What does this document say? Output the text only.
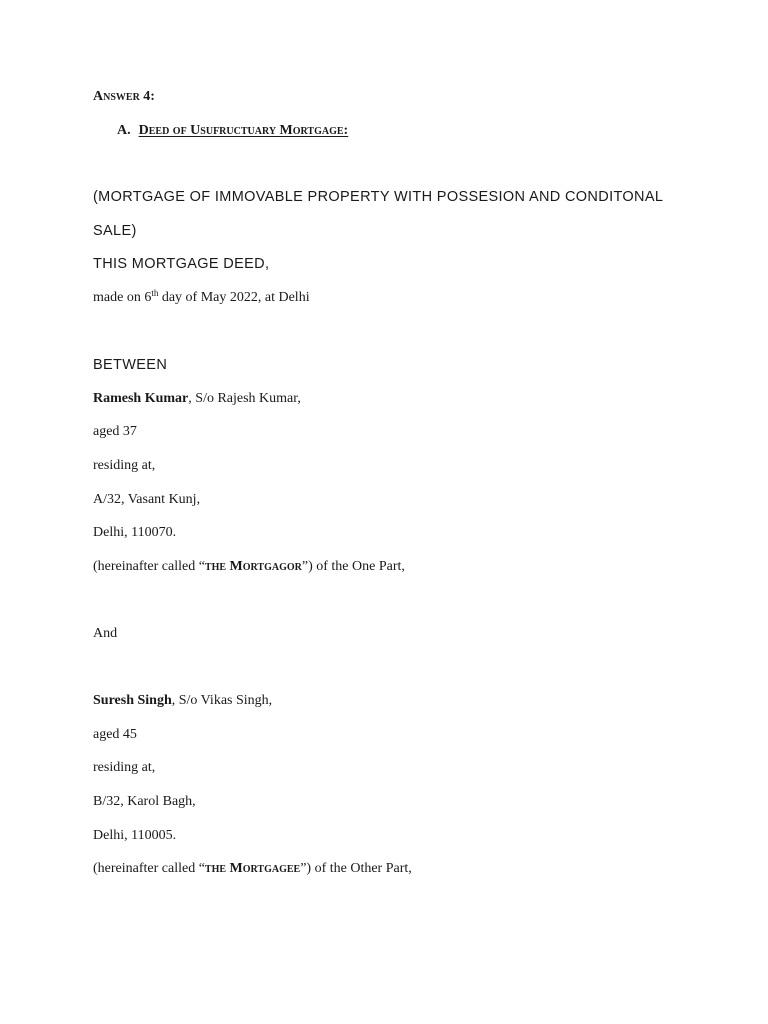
Answer 4:
A. Deed of Usufructuary Mortgage:
(MORTGAGE OF IMMOVABLE PROPERTY WITH POSSESION AND CONDITONAL
SALE)
THIS MORTGAGE DEED,
made on 6th day of May 2022, at Delhi
BETWEEN
Ramesh Kumar, S/o Rajesh Kumar,
aged 37
residing at,
A/32, Vasant Kunj,
Delhi, 110070.
(hereinafter called “the Mortgagor”) of the One Part,
And
Suresh Singh, S/o Vikas Singh,
aged 45
residing at,
B/32, Karol Bagh,
Delhi, 110005.
(hereinafter called “the Mortgagee”) of the Other Part,
